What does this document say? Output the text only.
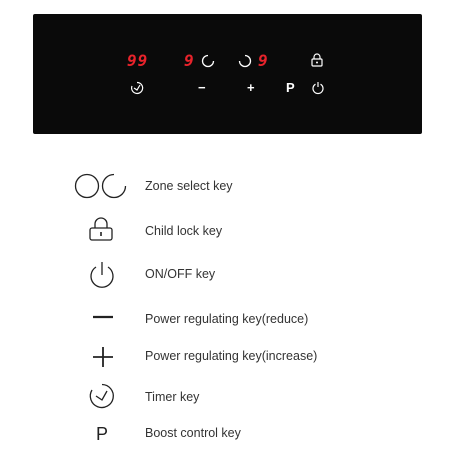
99 9	9
−	+ P
Zone select key
Child lock key
ON/OFF key
Power regulating key(reduce)
Power regulating key(increase)
Timer key
P	Boost control key
